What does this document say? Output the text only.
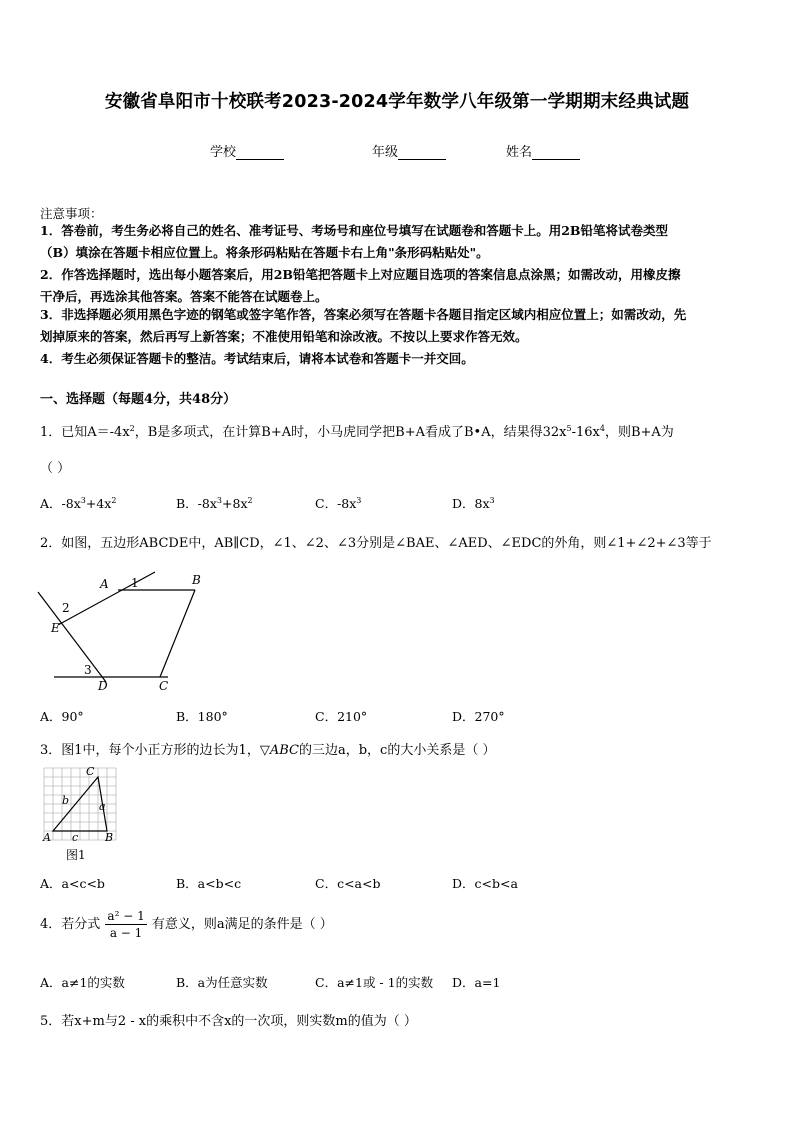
安徽省阜阳市十校联考2023-2024学年数学八年级第一学期期末经典试题
学校	年级	姓名
注意事项：
1．答卷前，考生务必将自己的姓名、准考证号、考场号和座位号填写在试题卷和答题卡上。用2B铅笔将试卷类型
（B）填涂在答题卡相应位置上。将条形码粘贴在答题卡右上角"条形码粘贴处"。
2．作答选择题时，选出每小题答案后，用2B铅笔把答题卡上对应题目选项的答案信息点涂黑；如需改动，用橡皮擦
干净后，再选涂其他答案。答案不能答在试题卷上。
3．非选择题必须用黑色字迹的钢笔或签字笔作答，答案必须写在答题卡各题目指定区域内相应位置上；如需改动，先
划掉原来的答案，然后再写上新答案；不准使用铅笔和涂改液。不按以上要求作答无效。
4．考生必须保证答题卡的整洁。考试结束后，请将本试卷和答题卡一并交回。
一、选择题（每题4分，共48分）
1．已知$A=-4x^2$，B是多项式，在计算B+A时，小马虎同学把B+A看成了B•A，结果得$32x^5-16x^4$，则B+A为
（ ）
A．$-8x^3+4x^2$	B．$-8x^3+8x^2$	C．$-8x^3$	D．$8x^3$
2．如图，五边形ABCDE中，AB∥CD，∠1、∠2、∠3分别是∠BAE、∠AED、∠EDC的外角，则∠1+∠2+∠3等于
A 1	B
2
E
3
D	C
A．90°	B．180°	C．210°	D．270°
3．图1中，每个小正方形的边长为1，▽ABC的三边a，b，c的大小关系是（ ）
C
b	a
A c B
图1
A．a<c<b	B．a<b<c	C．c<a<b	D．c<b<a
4．若分式 $\frac{\text{a² − 1}}{a - 1}$ 有意义，则a满足的条件是（ ）
A．a≠1的实数	B．a为任意实数	C．a≠1或 - 1的实数 D．a=1
5．若x+m与2 - x的乘积中不含x的一次项，则实数m的值为（ ）
